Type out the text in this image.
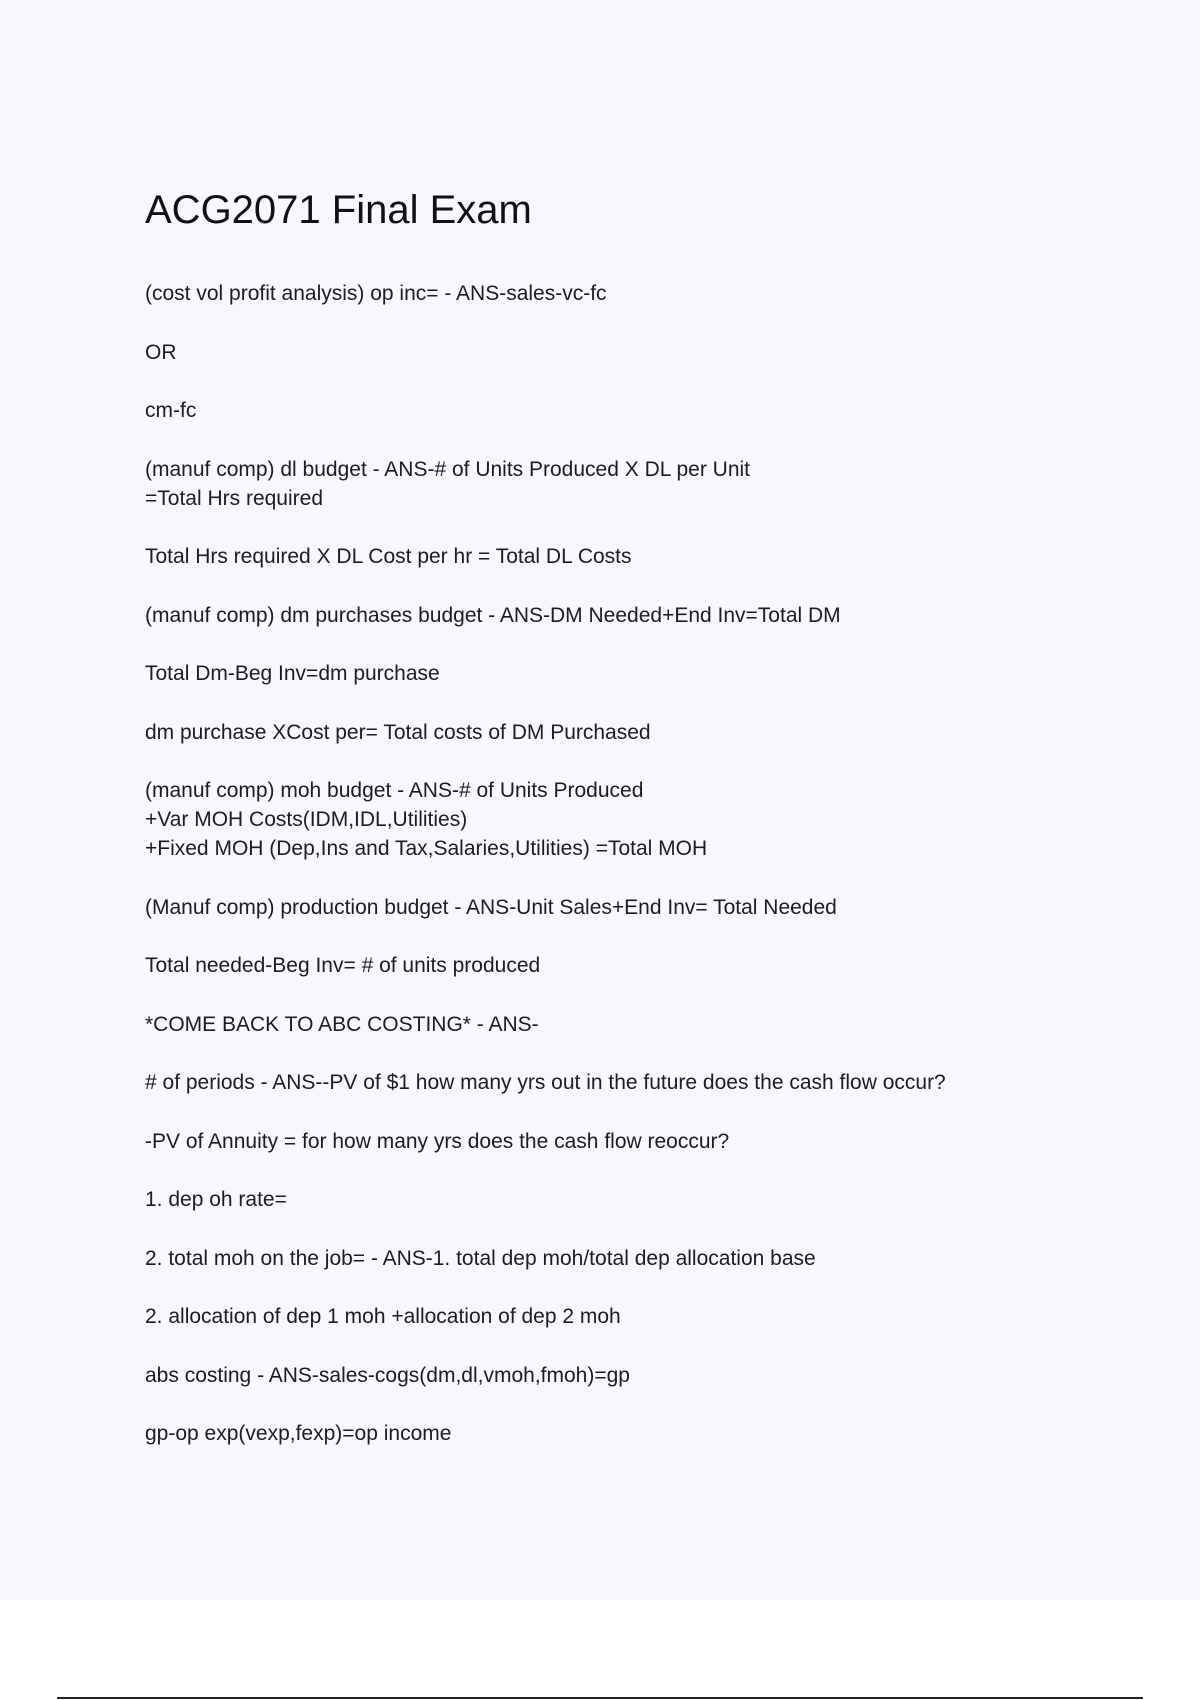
ACG2071 Final Exam

(cost vol profit analysis) op inc= - ANS-sales-vc-fc

OR

cm-fc

(manuf comp) dl budget - ANS-# of Units Produced X DL per Unit
=Total Hrs required

Total Hrs required X DL Cost per hr = Total DL Costs

(manuf comp) dm purchases budget - ANS-DM Needed+End Inv=Total DM

Total Dm-Beg Inv=dm purchase

dm purchase XCost per= Total costs of DM Purchased

(manuf comp) moh budget - ANS-# of Units Produced
+Var MOH Costs(IDM,IDL,Utilities)
+Fixed MOH (Dep,Ins and Tax,Salaries,Utilities) =Total MOH

(Manuf comp) production budget - ANS-Unit Sales+End Inv= Total Needed

Total needed-Beg Inv= # of units produced

*COME BACK TO ABC COSTING* - ANS-

# of periods - ANS--PV of $1 how many yrs out in the future does the cash flow occur?

-PV of Annuity = for how many yrs does the cash flow reoccur?

1. dep oh rate=

2. total moh on the job= - ANS-1. total dep moh/total dep allocation base

2. allocation of dep 1 moh +allocation of dep 2 moh

abs costing - ANS-sales-cogs(dm,dl,vmoh,fmoh)=gp

gp-op exp(vexp,fexp)=op income
